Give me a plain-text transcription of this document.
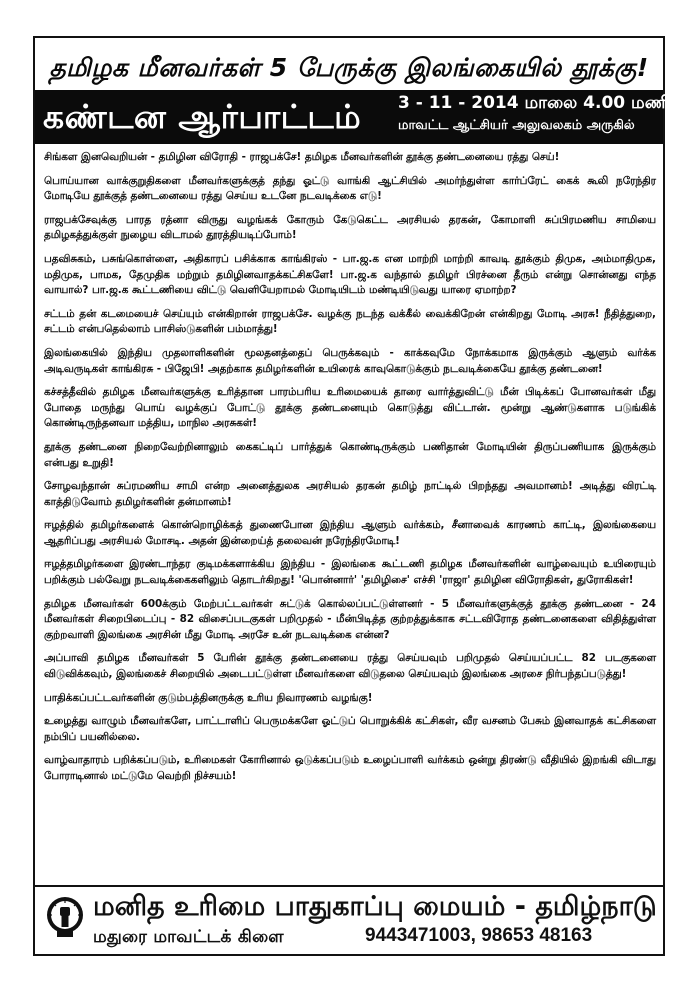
தமிழக மீனவர்கள் 5 பேருக்கு இலங்கையில் தூக்கு!
கண்டன ஆர்பாட்டம் 3 - 11 - 2014 மாலை 4.00 மணி
மாவட்ட ஆட்சியர் அலுவலகம் அருகில்

சிங்கள இனவெறியன் - தமிழின விரோதி - ராஜபக்சே! தமிழக மீனவர்களின் தூக்கு தண்டனையை ரத்து செய்!

பொய்யான வாக்குறுதிகளை மீனவர்களுக்குத் தந்து ஓட்டு வாங்கி ஆட்சியில் அமர்ந்துள்ள கார்ப்ரேட் கைக் கூலி நரேந்திர மோடியே தூக்குத் தண்டனையை ரத்து செய்ய உடனே நடவடிக்கை எடு!

ராஜபக்சேவுக்கு பாரத ரத்னா விருது வழங்கக் கோரும் கேடுகெட்ட அரசியல் தரகன், கோமாளி சுப்பிரமணிய சாமியை தமிழகத்துக்குள் நுழைய விடாமல் தூரத்தியடிப்போம்!

பதவிசுகம், பசுங்கொள்ளை, அதிகாரப் பசிக்காக காங்கிரஸ் - பா.ஜ.க என மாற்றி மாற்றி காவடி தூக்கும் திமுக, அம்மாதிமுக, மதிமுக, பாமக, தேமுதிக மற்றும் தமிழினவாதக்கட்சிகளே! பா.ஜ.க வந்தால் தமிழர் பிரச்னை தீரும் என்று சொன்னது எந்த வாயால்? பா.ஜ.க கூட்டணியை விட்டு வெளியேறாமல் மோடியிடம் மண்டியிடுவது யாரை ஏமாற்ற?

சட்டம் தன் கடமையைச் செய்யும் என்கிறான் ராஜபக்சே. வழக்கு நடந்த வக்கீல் வைக்கிறேன் என்கிறது மோடி அரசு! நீதித்துறை, சட்டம் என்பதெல்லாம் பாசிஸ்டுகளின் பம்மாத்து!

இலங்கையில் இந்திய முதலாளிகளின் மூலதனத்தைப் பெருக்கவும் - காக்கவுமே நோக்கமாக இருக்கும் ஆளும் வர்க்க அடிவருடிகள் காங்கிரசு - பிஜேபி! அதற்காக தமிழர்களின் உயிரைக் காவுகொடுக்கும் நடவடிக்கையே தூக்கு தண்டனை!

கச்சத்தீவில் தமிழக மீனவர்களுக்கு உரித்தான பாரம்பரிய உரிமையைக் தாரை வார்த்துவிட்டு மீன் பிடிக்கப் போனவர்கள் மீது போதை மருந்து பொய் வழக்குப் போட்டு தூக்கு தண்டனையும் கொடுத்து விட்டான். மூன்று ஆண்டுகளாக படுங்கிக் கொண்டிருந்தனவா மத்திய, மாநில அரசுகள்!

தூக்கு தண்டனை நிறைவேற்றினாலும் கைகட்டிப் பார்த்துக் கொண்டிருக்கும் பணிதான் மோடியின் திருப்பணியாக இருக்கும் என்பது உறுதி!

சோழவந்தான் சுப்ரமணிய சாமி என்ற அனைத்துலக அரசியல் தரகன் தமிழ் நாட்டில் பிறந்தது அவமானம்! அடித்து விரட்டி காத்திடுவோம் தமிழர்களின் தன்மானம்!

ஈழத்தில் தமிழர்களைக் கொன்றொழிக்கத் துணைபோன இந்திய ஆளும் வர்க்கம், சீனாவைக் காரணம் காட்டி, இலங்கையை ஆதரிப்பது அரசியல் மோசடி. அதன் இன்றைய்த் தலைவன் நரேந்திரமோடி!

ஈழத்தமிழர்களை இரண்டாந்தர குடிமக்களாக்கிய இந்திய - இலங்கை கூட்டணி தமிழக மீனவர்களின் வாழ்வையும் உயிரையும் பறிக்கும் பல்வேறு நடவடிக்கைகளிலும் தொடர்கிறது! 'பொன்னார்' 'தமிழிசை' எச்சி 'ராஜா' தமிழின விரோதிகள், துரோகிகள்!

தமிழக மீனவர்கள் 600க்கும் மேற்பட்டவர்கள் சுட்டுக் கொல்லப்பட்டுள்ளனர் - 5 மீனவர்களுக்குத் தூக்கு தண்டனை - 24 மீனவர்கள் சிறைபிடைப்பு - 82 விசைப்படகுகள் பறிமுதல் - மீன்பிடித்த குற்றத்துக்காக சட்டவிரோத தண்டனைகளை விதித்துள்ள குற்றவாளி இலங்கை அரசின் மீது மோடி அரசே உன் நடவடிக்கை என்ன?

அப்பாவி தமிழக மீனவர்கள் 5 பேரின் தூக்கு தண்டனையை ரத்து செய்யவும் பறிமுதல் செய்யப்பட்ட 82 படகுகளை விடுவிக்கவும், இலங்கைச் சிறையில் அடைபட்டுள்ள மீனவர்களை விடுதலை செய்யவும் இலங்கை அரசை நிர்பந்தப்படுத்து!

பாதிக்கப்பட்டவர்களின் குடும்பத்தினருக்கு உரிய நிவாரணம் வழங்கு!

உழைத்து வாழும் மீனவர்களே, பாட்டாளிப் பெருமக்களே ஓட்டுப் பொறுக்கிக் கட்சிகள், வீர வசனம் பேசும் இனவாதக் கட்சிகளை நம்பிப் பயனில்லை.

வாழ்வாதாரம் பறிக்கப்படும், உரிமைகள் கோரினால் ஒடுக்கப்படும் உழைப்பாளி வர்க்கம் ஒன்று திரண்டு வீதியில் இறங்கி விடாது போராடினால் மட்டுமே வெற்றி நிச்சயம்!

மனித உரிமை பாதுகாப்பு மையம் - தமிழ்நாடு
மதுரை மாவட்டக் கிளை	9443471003, 98653 48163
